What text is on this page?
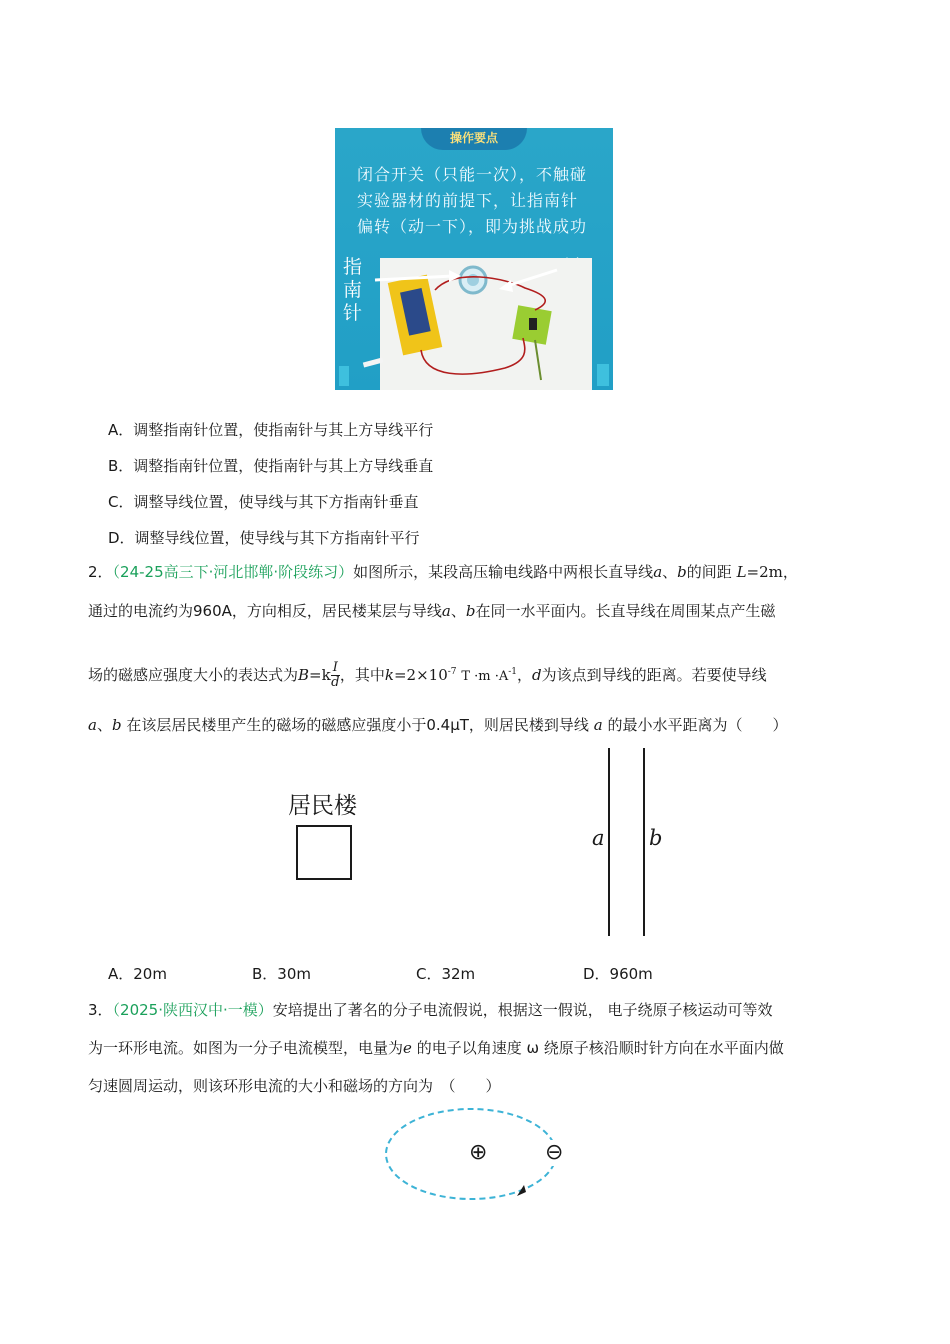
操作要点
闭合开关（只能一次），不触碰
实验器材的前提下，让指南针
偏转（动一下），即为挑战成功
指
南
针
A．调整指南针位置，使指南针与其上方导线平行
B．调整指南针位置，使指南针与其上方导线垂直
C．调整导线位置，使导线与其下方指南针垂直
D．调整导线位置，使导线与其下方指南针平行
2．（24-25高三下·河北邯郸·阶段练习）如图所示，某段高压输电线路中两根长直导线a、b的间距 L=2m，
通过的电流约为960A，方向相反，居民楼某层与导线a、b在同一水平面内。长直导线在周围某点产生磁
场的磁感应强度大小的表达式为$B=k \frac{I}{d}$ ，其中$k=2\times 10^{-7}$ $T \cdot m \cdot A^{-1}$，d为该点到导线的距离。若要使导线
a、b 在该层居民楼里产生的磁场的磁感应强度小于0.4μT，则居民楼到导线 a 的最小水平距离为（　　）
居民楼
a b
A．20m	B．30m	C．32m	D．960m
3．（2025·陕西汉中·一模）安培提出了著名的分子电流假说，根据这一假说， 电子绕原子核运动可等效
为一环形电流。如图为一分子电流模型，电量为e 的电子以角速度 ω 绕原子核沿顺时针方向在水平面内做
匀速圆周运动，则该环形电流的大小和磁场的方向为　（　　）
⊕	⊖
